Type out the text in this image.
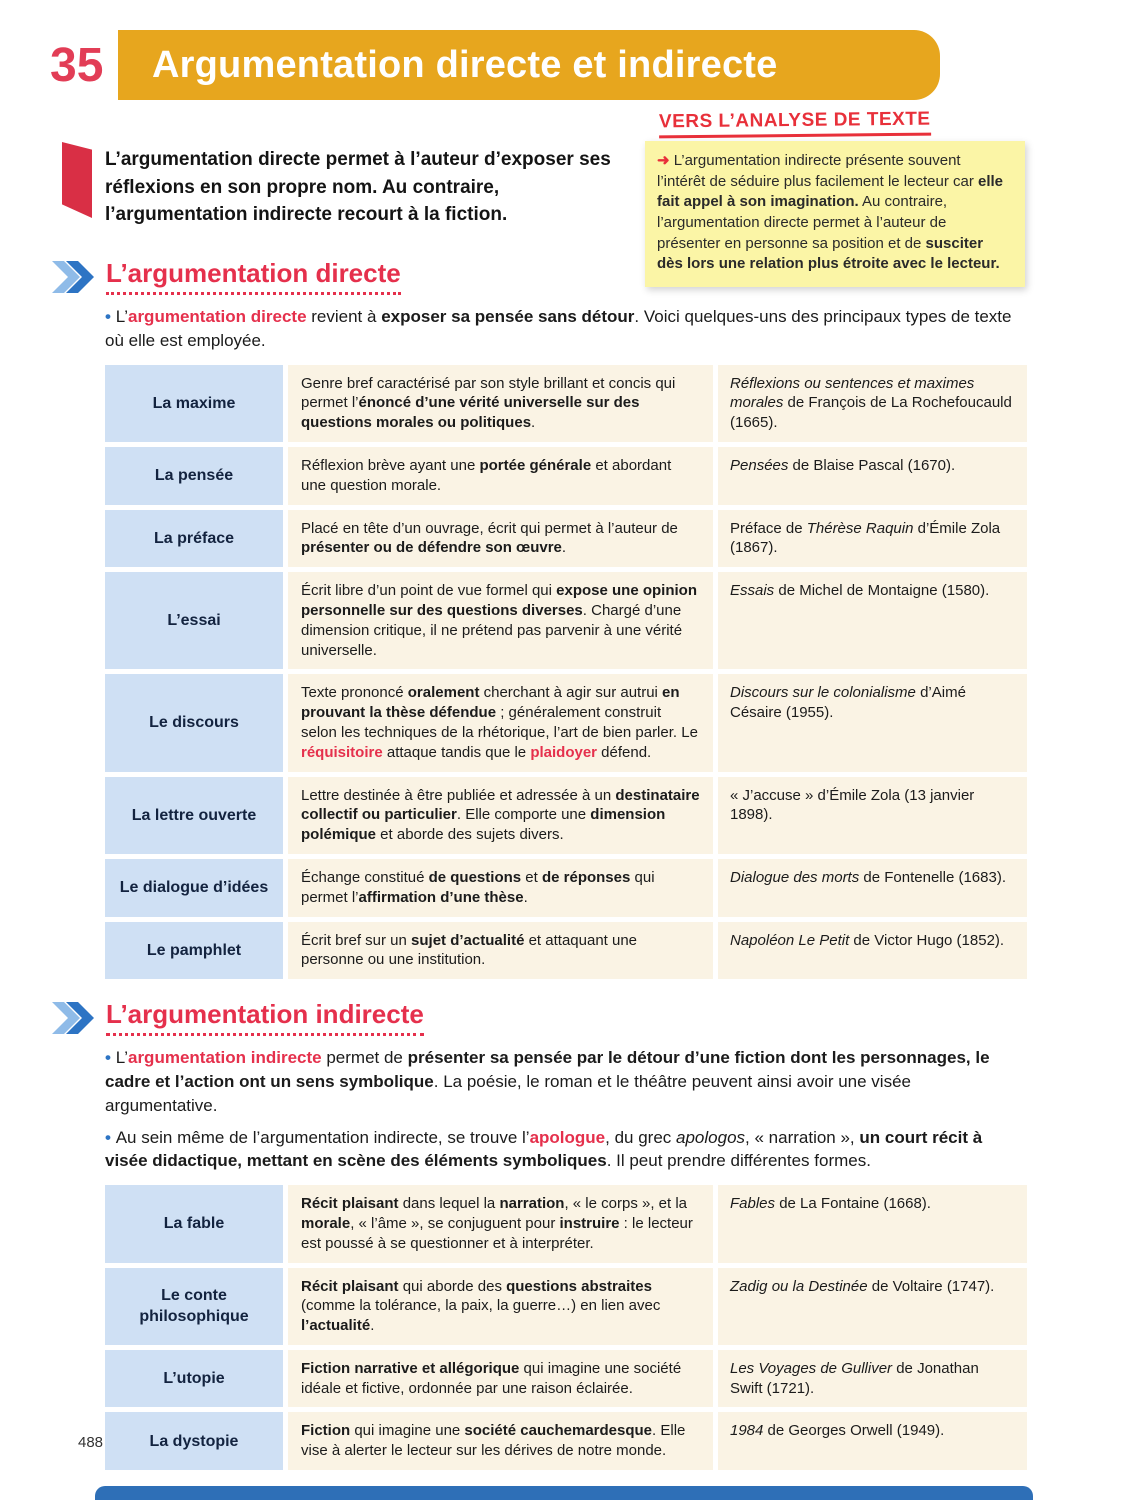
35	Argumentation directe et indirecte
L’argumentation directe permet à l’auteur d’exposer ses réflexions en son propre nom. Au contraire, l’argumentation indirecte recourt à la fiction.
VERS L’ANALYSE DE TEXTE
➜ L’argumentation indirecte présente souvent l’intérêt de séduire plus facilement le lecteur car elle fait appel à son imagination. Au contraire, l’argumentation directe permet à l’auteur de présenter en personne sa position et de susciter dès lors une relation plus étroite avec le lecteur.
L’argumentation directe
• L’argumentation directe revient à exposer sa pensée sans détour. Voici quelques-uns des principaux types de texte où elle est employée.
La maxime
Genre bref caractérisé par son style brillant et concis qui permet l’énoncé d’une vérité universelle sur des questions morales ou politiques.
Réflexions ou sentences et maximes morales de François de La Rochefoucauld (1665).
La pensée
Réflexion brève ayant une portée générale et abordant une question morale.
Pensées de Blaise Pascal (1670).
La préface
Placé en tête d’un ouvrage, écrit qui permet à l’auteur de présenter ou de défendre son œuvre.
Préface de Thérèse Raquin d’Émile Zola (1867).
L’essai
Écrit libre d’un point de vue formel qui expose une opinion personnelle sur des questions diverses. Chargé d’une dimension critique, il ne prétend pas parvenir à une vérité universelle.
Essais de Michel de Montaigne (1580).
Le discours
Texte prononcé oralement cherchant à agir sur autrui en prouvant la thèse défendue ; généralement construit selon les techniques de la rhétorique, l’art de bien parler. Le réquisitoire attaque tandis que le plaidoyer défend.
Discours sur le colonialisme d’Aimé Césaire (1955).
La lettre ouverte
Lettre destinée à être publiée et adressée à un destinataire collectif ou particulier. Elle comporte une dimension polémique et aborde des sujets divers.
« J’accuse » d’Émile Zola (13 janvier 1898).
Le dialogue d’idées
Échange constitué de questions et de réponses qui permet l’affirmation d’une thèse.
Dialogue des morts de Fontenelle (1683).
Le pamphlet
Écrit bref sur un sujet d’actualité et attaquant une personne ou une institution.
Napoléon Le Petit de Victor Hugo (1852).
L’argumentation indirecte
• L’argumentation indirecte permet de présenter sa pensée par le détour d’une fiction dont les personnages, le cadre et l’action ont un sens symbolique. La poésie, le roman et le théâtre peuvent ainsi avoir une visée argumentative.
• Au sein même de l’argumentation indirecte, se trouve l’apologue, du grec apologos, « narration », un court récit à visée didactique, mettant en scène des éléments symboliques. Il peut prendre différentes formes.
La fable
Récit plaisant dans lequel la narration, « le corps », et la morale, « l’âme », se conjuguent pour instruire : le lecteur est poussé à se questionner et à interpréter.
Fables de La Fontaine (1668).
Le conte philosophique
Récit plaisant qui aborde des questions abstraites (comme la tolérance, la paix, la guerre…) en lien avec l’actualité.
Zadig ou la Destinée de Voltaire (1747).
L’utopie
Fiction narrative et allégorique qui imagine une société idéale et fictive, ordonnée par une raison éclairée.
Les Voyages de Gulliver de Jonathan Swift (1721).
La dystopie
Fiction qui imagine une société cauchemardesque. Elle vise à alerter le lecteur sur les dérives de notre monde.
1984 de Georges Orwell (1949).
488
